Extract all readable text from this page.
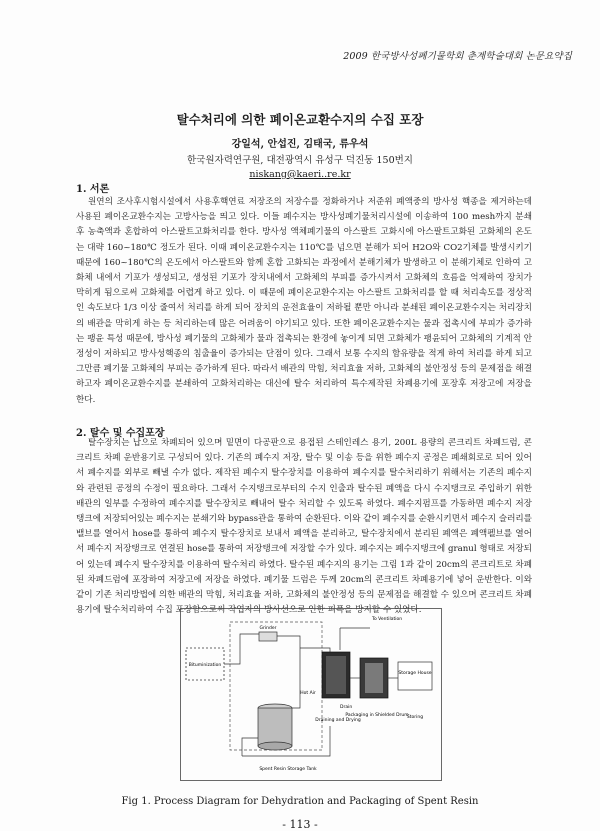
2009 한국방사성폐기물학회 춘계학술대회 논문요약집
탈수처리에 의한 폐이온교환수지의 수집 포장
강일석, 안섭진, 김태국, 류우석
한국원자력연구원, 대전광역시 유성구 덕진동 150번지
niskang@kaeri..re.kr
1. 서론

원연의 조사후시험시설에서 사용후핵연료 저장조의 저장수를 정화하거나 저준위 폐액중의 방사성 핵종을 제거하는데 사용된 폐이온교환수지는 고방사능을 띄고 있다. 이들 폐수지는 방사성폐기물처리시설에 이송하여 100 mesh까지 분쇄 후 농축액과 혼합하여 아스팔트고화처리를 한다. 방사성 액체폐기물의 아스팔트 고화시에 아스팔트고화된 고화체의 온도는 대략 160~180℃ 정도가 된다. 이때 폐이온교환수지는 110℃를 넘으면 분해가 되어 H2O와 CO2기체를 발생시키기 때문에 160~180℃의 온도에서 아스팔트와 함께 혼합 고화되는 과정에서 분해기체가 발생하고 이 분해기체로 인하여 고화체 내에서 기포가 생성되고, 생성된 기포가 장치내에서 고화체의 부피를 증가시켜서 고화체의 흐름을 억제하여 장치가 막히게 됨으로써 고화체를 어렵게 하고 있다. 이 때문에 폐이온교환수지는 아스팔트 고화처리를 할 때 처리속도를 정상적인 속도보다 1/3 이상 줄여서 처리를 하게 되어 장치의 운전효율이 저하될 뿐만 아니라 분쇄된 폐이온교환수지는 처리장치의 배관을 막히게 하는 등 처리하는데 많은 어려움이 야기되고 있다. 또한 폐이온교환수지는 물과 접촉시에 부피가 증가하는 팽윤 특성 때문에, 방사성 폐기물의 고화체가 물과 접촉되는 환경에 놓이게 되면 고화체가 팽윤되어 고화체의 기계적 안정성이 저하되고 방사성핵종의 침출율이 증가되는 단점이 있다. 그래서 보통 수지의 함유량을 적게 하여 처리를 하게 되고 그만큼 폐기물 고화체의 부피는 증가하게 된다. 따라서 배관의 막힘, 처리효율 저하, 고화체의 불안정성 등의 문제점을 해결하고자 폐이온교환수지를 분쇄하여 고화처리하는 대신에 탈수 처리하여 특수제작된 차폐용기에 포장후 저장고에 저장을 한다.

2. 탈수 및 수집포장

탈수장치는 납으로 차폐되어 있으며 밑면이 다공판으로 용접된 스테인레스 용기, 200L 용량의 콘크리트 차폐드럼, 콘크리트 차폐 운반용기로 구성되어 있다. 기존의 폐수지 저장, 탈수 및 이송 등을 위한 폐수지 공정은 폐쇄회로로 되어 있어서 폐수지를 외부로 빼낼 수가 없다. 제작된 폐수지 탈수장치를 이용하여 폐수지를 탈수처리하기 위해서는 기존의 폐수지와 관련된 공정의 수정이 필요하다. 그래서 수지탱크로부터의 수지 인출과 탈수된 폐액을 다시 수지탱크로 주입하기 위한 배관의 일부를 수정하여 폐수지를 탈수장치로 빼내어 탈수 처리할 수 있도록 하였다. 폐수지펌프를 가동하면 폐수지 저장탱크에 저장되어있는 폐수지는 분쇄기와 bypass관을 통하여 순환된다. 이와 같이 폐수지를 순환시키면서 폐수지 슬러리를 밸브를 열어서 hose를 통하여 폐수지 탈수장치로 보내서 폐액을 분리하고, 탈수장치에서 분리된 폐액은 폐액펠브를 열어서 폐수지 저장탱크로 연결된 hose를 통하여 저장탱크에 저장할 수가 있다. 폐수지는 폐수지탱크에 granul 형태로 저장되어 있는데 폐수지 탈수장치를 이용하여 탈수처리 하였다. 탈수된 폐수지의 용기는 그림 1과 같이 20cm의 콘크리트로 차폐된 차폐드럼에 포장하여 저장고에 저장을 하였다. 폐기물 드럼은 두께 20cm의 콘크리트 차폐용기에 넣어 운반한다. 이와 같이 기존 처리방법에 의한 배관의 막힘, 처리효율 저하, 고화체의 불안정성 등의 문제점을 해결할 수 있으며 콘크리트 차폐용기에 탈수처리하여 수집 포장함으로써 작업자의 방사선으로 인한 피폭을 방지할 수 있었다.

Bituminization
Grinder
Spent Resin Storage Tank
To Ventilation
Hot Air
Drain
Draining and Drying
Packaging in Shielded Drum
Storage House
Storing
Fig 1. Process Diagram for Dehydration and Packaging of Spent Resin
- 113 -
